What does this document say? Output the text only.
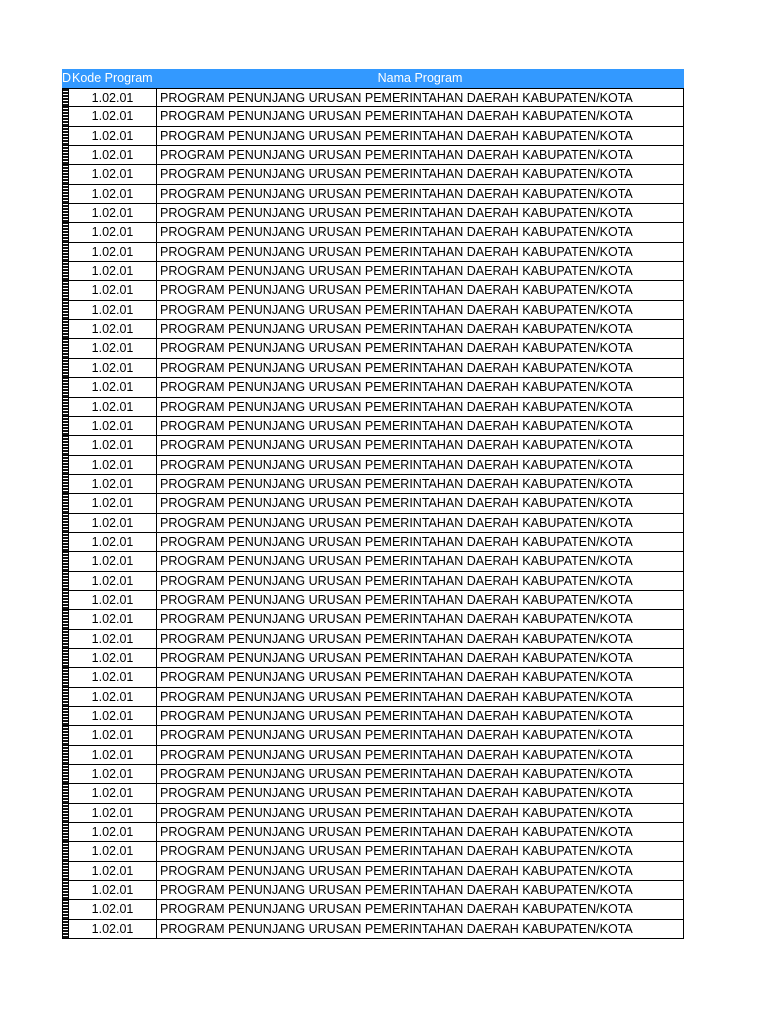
D Kode Program	Nama Program
1.02.01	PROGRAM PENUNJANG URUSAN PEMERINTAHAN DAERAH KABUPATEN/KOTA
1.02.01	PROGRAM PENUNJANG URUSAN PEMERINTAHAN DAERAH KABUPATEN/KOTA
1.02.01	PROGRAM PENUNJANG URUSAN PEMERINTAHAN DAERAH KABUPATEN/KOTA
1.02.01	PROGRAM PENUNJANG URUSAN PEMERINTAHAN DAERAH KABUPATEN/KOTA
1.02.01	PROGRAM PENUNJANG URUSAN PEMERINTAHAN DAERAH KABUPATEN/KOTA
1.02.01	PROGRAM PENUNJANG URUSAN PEMERINTAHAN DAERAH KABUPATEN/KOTA
1.02.01	PROGRAM PENUNJANG URUSAN PEMERINTAHAN DAERAH KABUPATEN/KOTA
1.02.01	PROGRAM PENUNJANG URUSAN PEMERINTAHAN DAERAH KABUPATEN/KOTA
1.02.01	PROGRAM PENUNJANG URUSAN PEMERINTAHAN DAERAH KABUPATEN/KOTA
1.02.01	PROGRAM PENUNJANG URUSAN PEMERINTAHAN DAERAH KABUPATEN/KOTA
1.02.01	PROGRAM PENUNJANG URUSAN PEMERINTAHAN DAERAH KABUPATEN/KOTA
1.02.01	PROGRAM PENUNJANG URUSAN PEMERINTAHAN DAERAH KABUPATEN/KOTA
1.02.01	PROGRAM PENUNJANG URUSAN PEMERINTAHAN DAERAH KABUPATEN/KOTA
1.02.01	PROGRAM PENUNJANG URUSAN PEMERINTAHAN DAERAH KABUPATEN/KOTA
1.02.01	PROGRAM PENUNJANG URUSAN PEMERINTAHAN DAERAH KABUPATEN/KOTA
1.02.01	PROGRAM PENUNJANG URUSAN PEMERINTAHAN DAERAH KABUPATEN/KOTA
1.02.01	PROGRAM PENUNJANG URUSAN PEMERINTAHAN DAERAH KABUPATEN/KOTA
1.02.01	PROGRAM PENUNJANG URUSAN PEMERINTAHAN DAERAH KABUPATEN/KOTA
1.02.01	PROGRAM PENUNJANG URUSAN PEMERINTAHAN DAERAH KABUPATEN/KOTA
1.02.01	PROGRAM PENUNJANG URUSAN PEMERINTAHAN DAERAH KABUPATEN/KOTA
1.02.01	PROGRAM PENUNJANG URUSAN PEMERINTAHAN DAERAH KABUPATEN/KOTA
1.02.01	PROGRAM PENUNJANG URUSAN PEMERINTAHAN DAERAH KABUPATEN/KOTA
1.02.01	PROGRAM PENUNJANG URUSAN PEMERINTAHAN DAERAH KABUPATEN/KOTA
1.02.01	PROGRAM PENUNJANG URUSAN PEMERINTAHAN DAERAH KABUPATEN/KOTA
1.02.01	PROGRAM PENUNJANG URUSAN PEMERINTAHAN DAERAH KABUPATEN/KOTA
1.02.01	PROGRAM PENUNJANG URUSAN PEMERINTAHAN DAERAH KABUPATEN/KOTA
1.02.01	PROGRAM PENUNJANG URUSAN PEMERINTAHAN DAERAH KABUPATEN/KOTA
1.02.01	PROGRAM PENUNJANG URUSAN PEMERINTAHAN DAERAH KABUPATEN/KOTA
1.02.01	PROGRAM PENUNJANG URUSAN PEMERINTAHAN DAERAH KABUPATEN/KOTA
1.02.01	PROGRAM PENUNJANG URUSAN PEMERINTAHAN DAERAH KABUPATEN/KOTA
1.02.01	PROGRAM PENUNJANG URUSAN PEMERINTAHAN DAERAH KABUPATEN/KOTA
1.02.01	PROGRAM PENUNJANG URUSAN PEMERINTAHAN DAERAH KABUPATEN/KOTA
1.02.01	PROGRAM PENUNJANG URUSAN PEMERINTAHAN DAERAH KABUPATEN/KOTA
1.02.01	PROGRAM PENUNJANG URUSAN PEMERINTAHAN DAERAH KABUPATEN/KOTA
1.02.01	PROGRAM PENUNJANG URUSAN PEMERINTAHAN DAERAH KABUPATEN/KOTA
1.02.01	PROGRAM PENUNJANG URUSAN PEMERINTAHAN DAERAH KABUPATEN/KOTA
1.02.01	PROGRAM PENUNJANG URUSAN PEMERINTAHAN DAERAH KABUPATEN/KOTA
1.02.01	PROGRAM PENUNJANG URUSAN PEMERINTAHAN DAERAH KABUPATEN/KOTA
1.02.01	PROGRAM PENUNJANG URUSAN PEMERINTAHAN DAERAH KABUPATEN/KOTA
1.02.01	PROGRAM PENUNJANG URUSAN PEMERINTAHAN DAERAH KABUPATEN/KOTA
1.02.01	PROGRAM PENUNJANG URUSAN PEMERINTAHAN DAERAH KABUPATEN/KOTA
1.02.01	PROGRAM PENUNJANG URUSAN PEMERINTAHAN DAERAH KABUPATEN/KOTA
1.02.01	PROGRAM PENUNJANG URUSAN PEMERINTAHAN DAERAH KABUPATEN/KOTA
1.02.01	PROGRAM PENUNJANG URUSAN PEMERINTAHAN DAERAH KABUPATEN/KOTA
